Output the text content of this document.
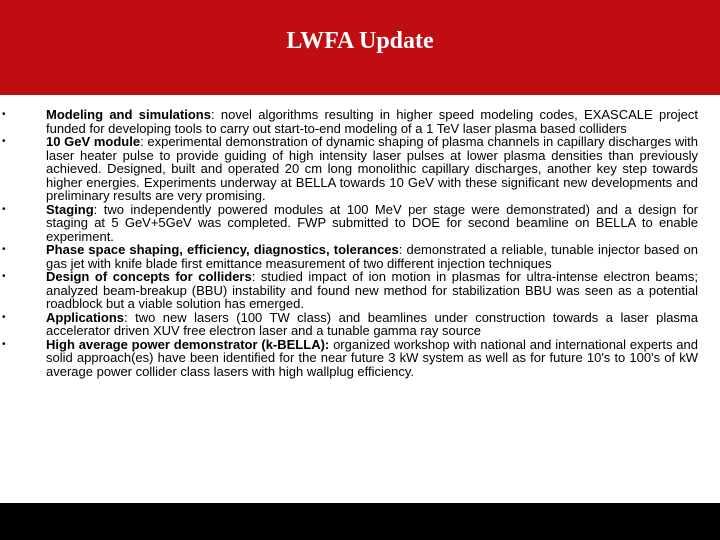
LWFA Update
•	Modeling and simulations: novel algorithms resulting in higher speed modeling codes, EXASCALE project funded for developing tools to carry out start-to-end modeling of a 1 TeV laser plasma based colliders
•	10 GeV module: experimental demonstration of dynamic shaping of plasma channels in capillary discharges with laser heater pulse to provide guiding of high intensity laser pulses at lower plasma densities than previously achieved. Designed, built and operated 20 cm long monolithic capillary discharges, another key step towards higher energies. Experiments underway at BELLA towards 10 GeV with these significant new developments and preliminary results are very promising.
•	Staging: two independently powered modules at 100 MeV per stage were demonstrated) and a design for staging at 5 GeV+5GeV was completed. FWP submitted to DOE for second beamline on BELLA to enable experiment.
•	Phase space shaping, efficiency, diagnostics, tolerances: demonstrated a reliable, tunable injector based on gas jet with knife blade first emittance measurement of two different injection techniques
•	Design of concepts for colliders: studied impact of ion motion in plasmas for ultra-intense electron beams; analyzed beam-breakup (BBU) instability and found new method for stabilization BBU was seen as a potential roadblock but a viable solution has emerged.
•	Applications: two new lasers (100 TW class) and beamlines under construction towards a laser plasma accelerator driven XUV free electron laser and a tunable gamma ray source
•	High average power demonstrator (k-BELLA): organized workshop with national and international experts and solid approach(es) have been identified for the near future 3 kW system as well as for future 10's to 100's of kW average power collider class lasers with high wallplug efficiency.
